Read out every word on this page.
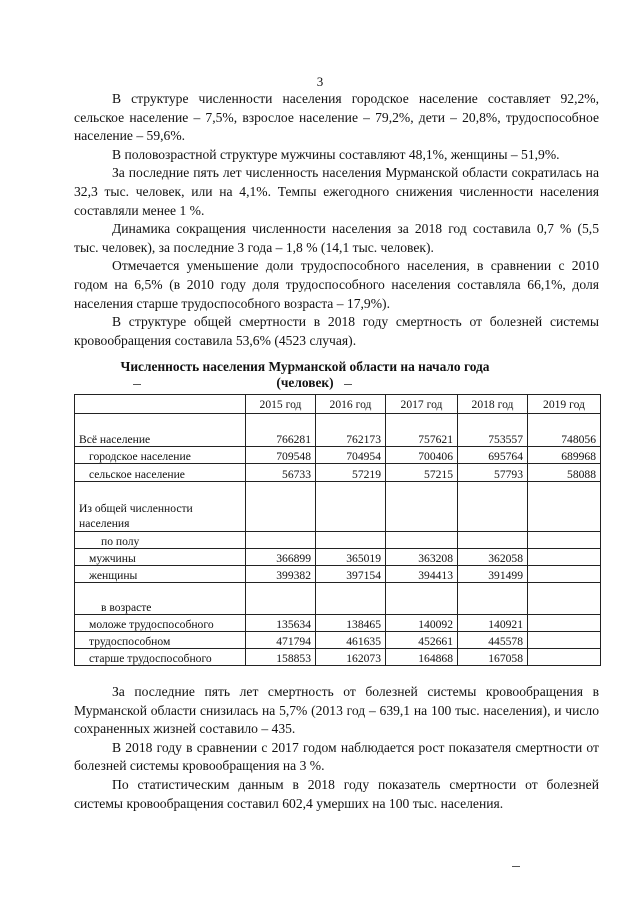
3

В структуре численности населения городское население составляет 92,2%, сельское население – 7,5%, взрослое население – 79,2%, дети – 20,8%, трудоспособное население – 59,6%.

В половозрастной структуре мужчины составляют 48,1%, женщины – 51,9%.

За последние пять лет численность населения Мурманской области сократилась на 32,3 тыс. человек, или на 4,1%. Темпы ежегодного снижения численности населения составляли менее 1 %.

Динамика сокращения численности населения за 2018 год составила 0,7 % (5,5 тыс. человек), за последние 3 года – 1,8 % (14,1 тыс. человек).

Отмечается уменьшение доли трудоспособного населения, в сравнении с 2010 годом на 6,5% (в 2010 году доля трудоспособного населения составляла 66,1%, доля населения старше трудоспособного возраста – 17,9%).

В структуре общей смертности в 2018 году смертность от болезней системы кровообращения составила 53,6% (4523 случая).

Численность населения Мурманской области на начало года
(человек)
	2015 год	2016 год	2017 год	2018 год	2019 год
Всё население	766281	762173	757621	753557	748056
городское население	709548	704954	700406	695764	689968
сельское население	56733	57219	57215	57793	58088
Из общей численности населения					
по полу					
мужчины	366899	365019	363208	362058	
женщины	399382	397154	394413	391499	
в возрасте					
моложе трудоспособного	135634	138465	140092	140921	
трудоспособном	471794	461635	452661	445578	
старше трудоспособного	158853	162073	164868	167058	

За последние пять лет смертность от болезней системы кровообращения в Мурманской области снизилась на 5,7% (2013 год – 639,1 на 100 тыс. населения), и число сохраненных жизней составило – 435.

В 2018 году в сравнении с 2017 годом наблюдается рост показателя смертности от болезней системы кровообращения на 3 %.

По статистическим данным в 2018 году показатель смертности от болезней системы кровообращения составил 602,4 умерших на 100 тыс. населения.
